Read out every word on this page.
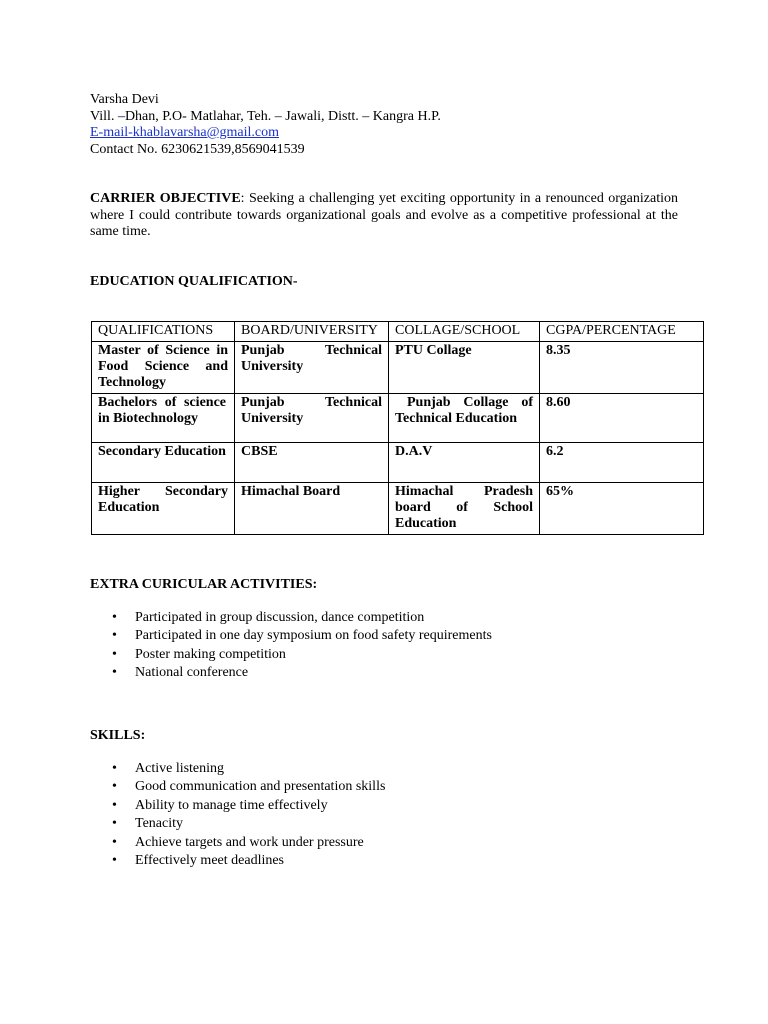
Varsha Devi
Vill. –Dhan, P.O- Matlahar, Teh. – Jawali, Distt. – Kangra H.P.
E-mail-khablavarsha@gmail.com
Contact No. 6230621539,8569041539
CARRIER OBJECTIVE: Seeking a challenging yet exciting opportunity in a renounced organization where I could contribute towards organizational goals and evolve as a competitive professional at the same time.
EDUCATION QUALIFICATION-
QUALIFICATIONS	BOARD/UNIVERSITY	COLLAGE/SCHOOL	CGPA/PERCENTAGE
Master of Science in Food Science and Technology	Punjab Technical University	PTU Collage	8.35

Bachelors of science in Biotechnology	Punjab Technical University	Punjab Collage of Technical Education	8.60
Secondary Education	CBSE	D.A.V	6.2
Higher Secondary Education	Himachal Board	Himachal Pradesh board of School Education	65%
EXTRA CURICULAR ACTIVITIES:
• Participated in group discussion, dance competition
• Participated in one day symposium on food safety requirements
• Poster making competition
• National conference
SKILLS:
• Active listening
• Good communication and presentation skills
• Ability to manage time effectively
• Tenacity
• Achieve targets and work under pressure
• Effectively meet deadlines
